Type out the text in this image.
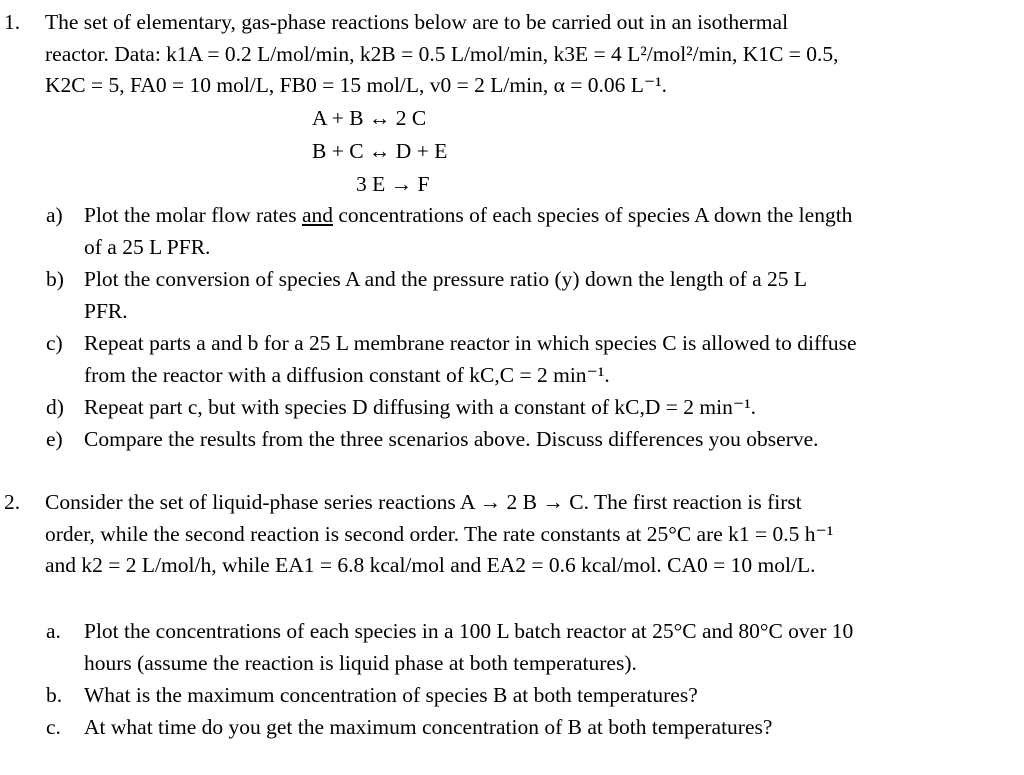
1. The set of elementary, gas-phase reactions below are to be carried out in an isothermal
reactor. Data: k1A = 0.2 L/mol/min, k2B = 0.5 L/mol/min, k3E = 4 L²/mol²/min, K1C = 0.5,
K2C = 5, FA0 = 10 mol/L, FB0 = 15 mol/L, v0 = 2 L/min, α = 0.06 L⁻¹.
A + B ↔ 2 C
B + C ↔ D + E
3 E → F
a) Plot the molar flow rates and concentrations of each species of species A down the length
of a 25 L PFR.
b) Plot the conversion of species A and the pressure ratio (y) down the length of a 25 L
PFR.
c) Repeat parts a and b for a 25 L membrane reactor in which species C is allowed to diffuse
from the reactor with a diffusion constant of kC,C = 2 min⁻¹.
d) Repeat part c, but with species D diffusing with a constant of kC,D = 2 min⁻¹.
e) Compare the results from the three scenarios above. Discuss differences you observe.
2. Consider the set of liquid-phase series reactions A → 2 B → C. The first reaction is first
order, while the second reaction is second order. The rate constants at 25°C are k1 = 0.5 h⁻¹
and k2 = 2 L/mol/h, while EA1 = 6.8 kcal/mol and EA2 = 0.6 kcal/mol. CA0 = 10 mol/L.
a. Plot the concentrations of each species in a 100 L batch reactor at 25°C and 80°C over 10
hours (assume the reaction is liquid phase at both temperatures).
b. What is the maximum concentration of species B at both temperatures?
c. At what time do you get the maximum concentration of B at both temperatures?
